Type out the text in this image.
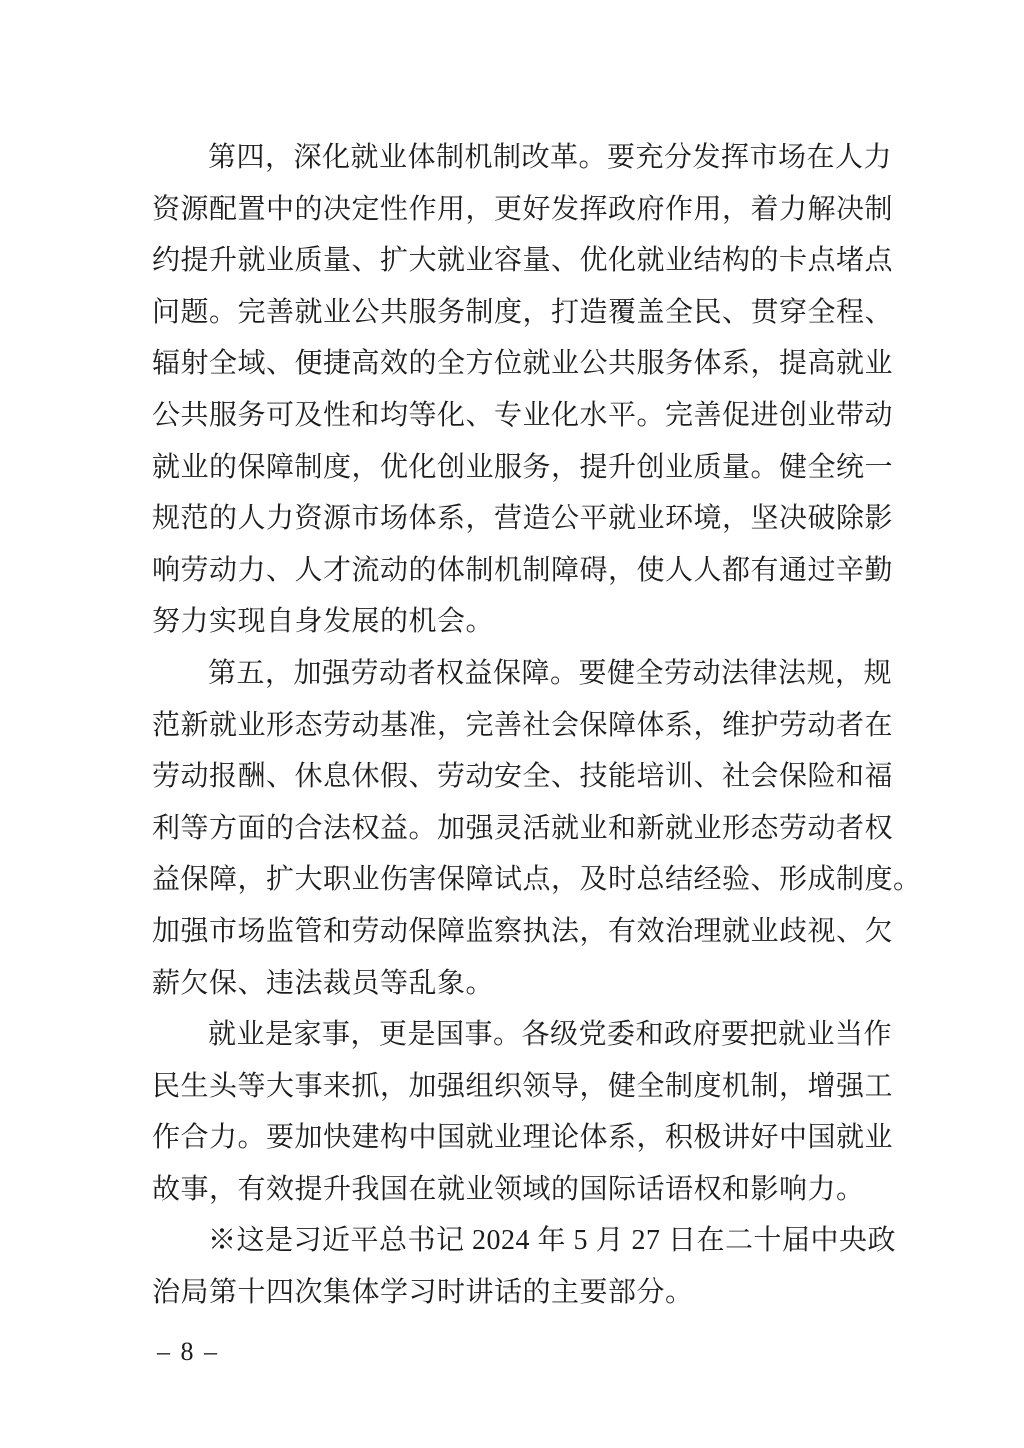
第四，深化就业体制机制改革。要充分发挥市场在人力
资源配置中的决定性作用，更好发挥政府作用，着力解决制
约提升就业质量、扩大就业容量、优化就业结构的卡点堵点
问题。完善就业公共服务制度，打造覆盖全民、贯穿全程、
辐射全域、便捷高效的全方位就业公共服务体系，提高就业
公共服务可及性和均等化、专业化水平。完善促进创业带动
就业的保障制度，优化创业服务，提升创业质量。健全统一
规范的人力资源市场体系，营造公平就业环境，坚决破除影
响劳动力、人才流动的体制机制障碍，使人人都有通过辛勤
努力实现自身发展的机会。
第五，加强劳动者权益保障。要健全劳动法律法规，规
范新就业形态劳动基准，完善社会保障体系，维护劳动者在
劳动报酬、休息休假、劳动安全、技能培训、社会保险和福
利等方面的合法权益。加强灵活就业和新就业形态劳动者权
益保障，扩大职业伤害保障试点，及时总结经验、形成制度。
加强市场监管和劳动保障监察执法，有效治理就业歧视、欠
薪欠保、违法裁员等乱象。
就业是家事，更是国事。各级党委和政府要把就业当作
民生头等大事来抓，加强组织领导，健全制度机制，增强工
作合力。要加快建构中国就业理论体系，积极讲好中国就业
故事，有效提升我国在就业领域的国际话语权和影响力。
※这是习近平总书记 2024 年 5 月 27 日在二十届中央政
治局第十四次集体学习时讲话的主要部分。
– 8 –
